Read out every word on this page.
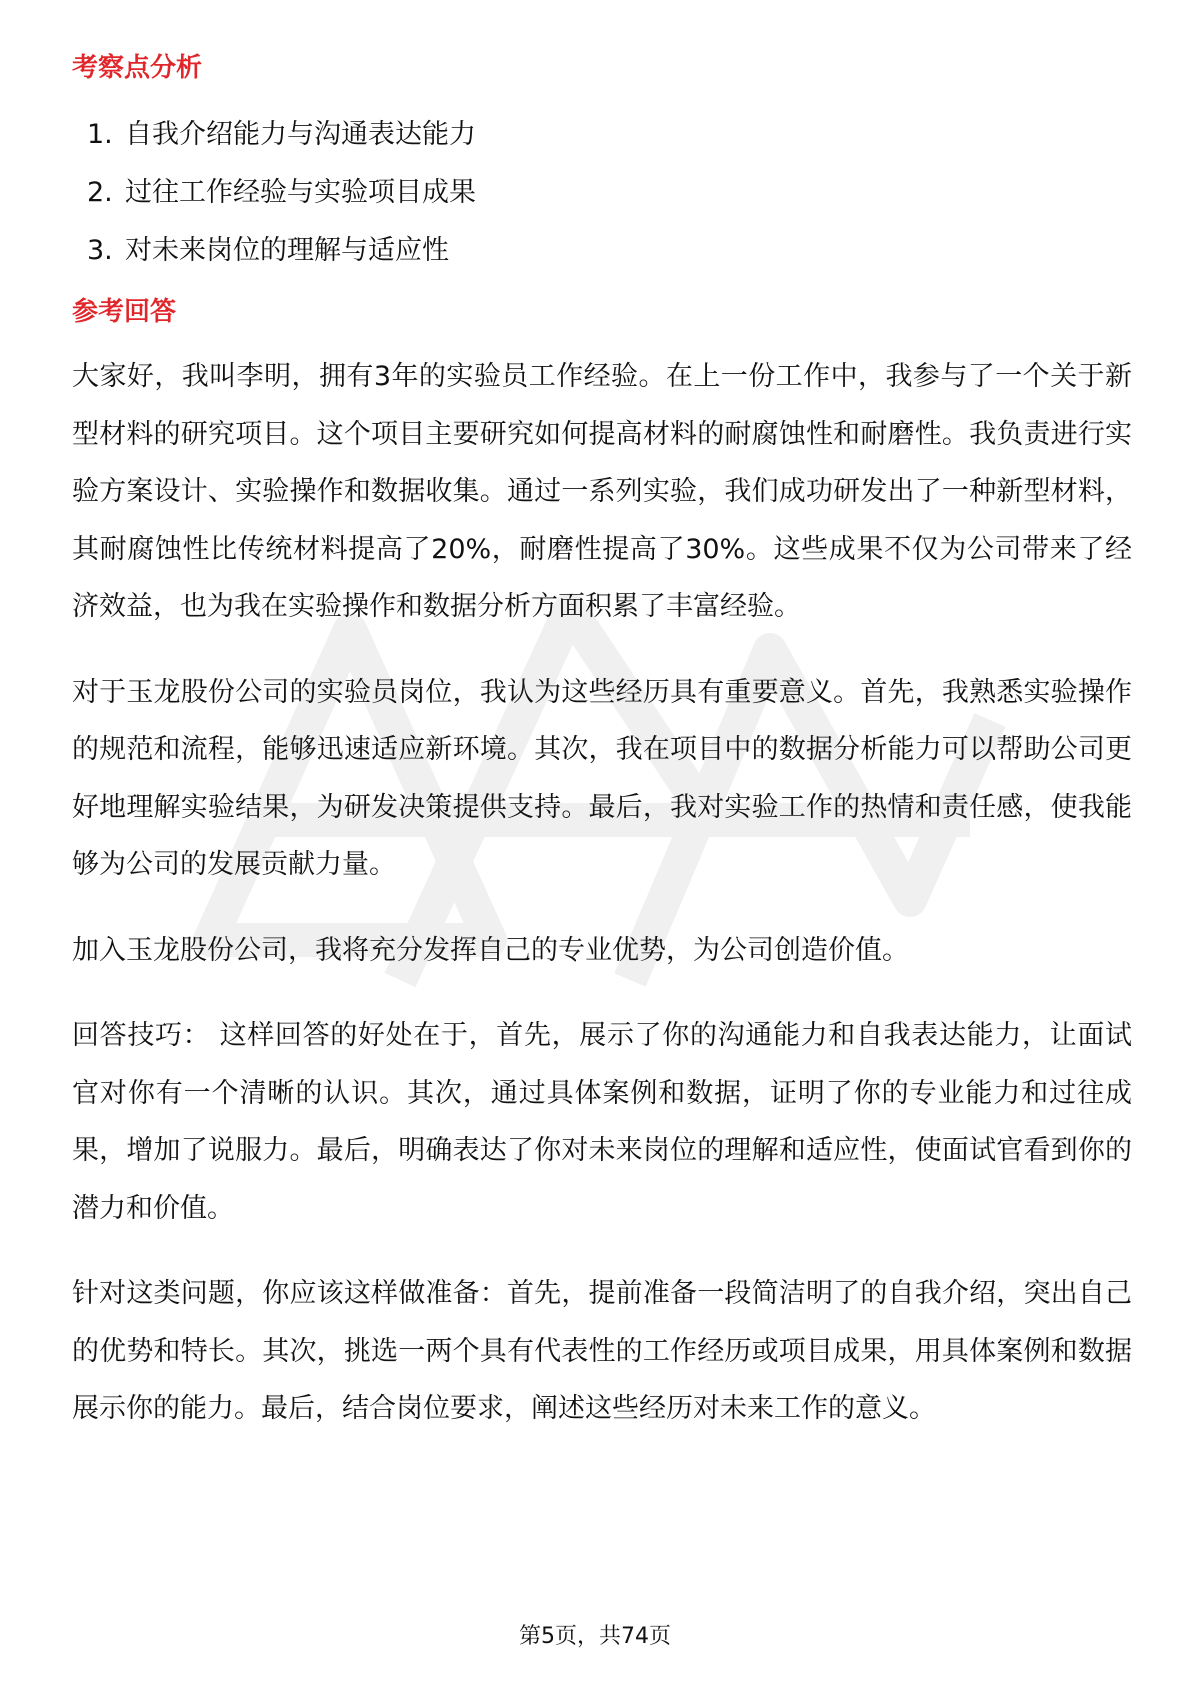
考察点分析
1. 自我介绍能力与沟通表达能力
2. 过往工作经验与实验项目成果
3. 对未来岗位的理解与适应性
参考回答

大家好，我叫李明，拥有3年的实验员工作经验。在上一份工作中，我参与了一个关于新型材料的研究项目。这个项目主要研究如何提高材料的耐腐蚀性和耐磨性。我负责进行实验方案设计、实验操作和数据收集。通过一系列实验，我们成功研发出了一种新型材料，其耐腐蚀性比传统材料提高了20%，耐磨性提高了30%。这些成果不仅为公司带来了经济效益，也为我在实验操作和数据分析方面积累了丰富经验。

对于玉龙股份公司的实验员岗位，我认为这些经历具有重要意义。首先，我熟悉实验操作的规范和流程，能够迅速适应新环境。其次，我在项目中的数据分析能力可以帮助公司更好地理解实验结果，为研发决策提供支持。最后，我对实验工作的热情和责任感，使我能够为公司的发展贡献力量。

加入玉龙股份公司，我将充分发挥自己的专业优势，为公司创造价值。

回答技巧： 这样回答的好处在于，首先，展示了你的沟通能力和自我表达能力，让面试官对你有一个清晰的认识。其次，通过具体案例和数据，证明了你的专业能力和过往成果，增加了说服力。最后，明确表达了你对未来岗位的理解和适应性，使面试官看到你的潜力和价值。

针对这类问题，你应该这样做准备：首先，提前准备一段简洁明了的自我介绍，突出自己的优势和特长。其次，挑选一两个具有代表性的工作经历或项目成果，用具体案例和数据展示你的能力。最后，结合岗位要求，阐述这些经历对未来工作的意义。

第5页，共74页
